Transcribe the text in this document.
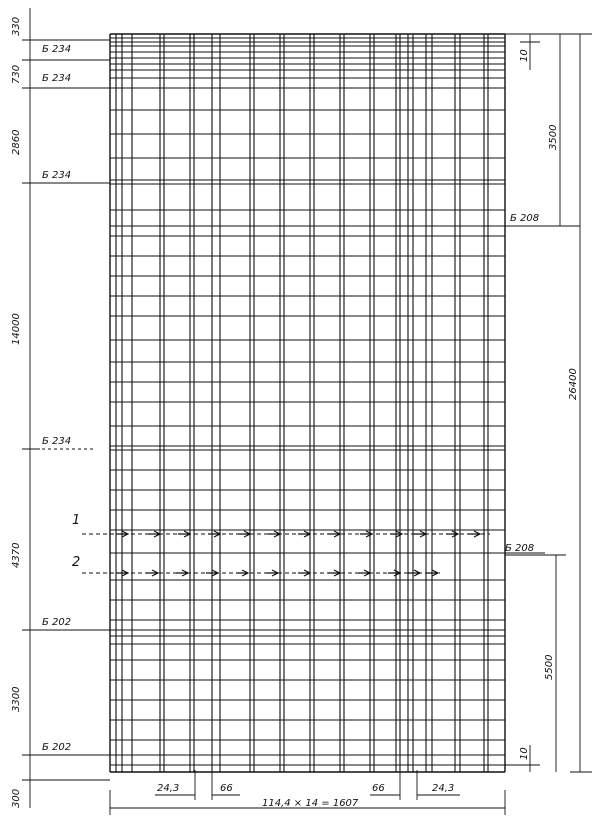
Б 234
Б 234
Б 234
Б 234
Б 208
Б 208
Б 202
Б 202
1
2
330
730
2860
14000
4370
3300
300
26400
3500
5500
10
10
24,3	66	66	24,3
114,4 × 14 = 1607
